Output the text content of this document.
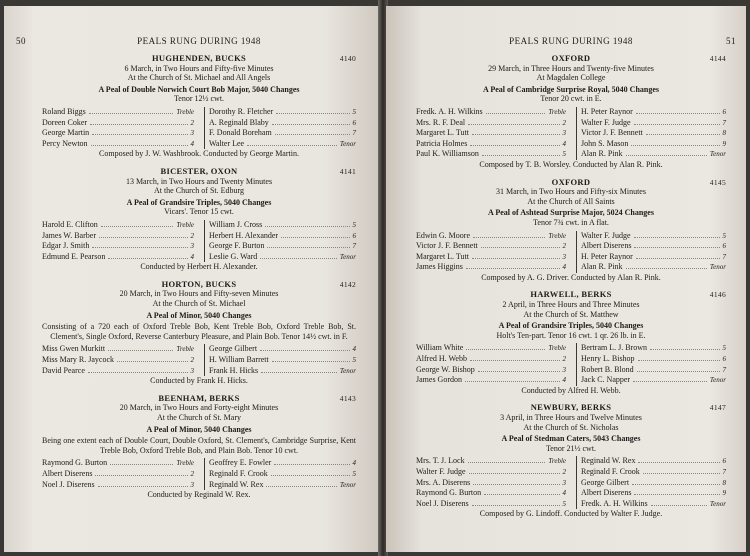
50	PEALS RUNG DURING 1948
HUGHENDEN, BUCKS	4140
6 March, in Two Hours and Fifty-five Minutes
At the Church of St. Michael and All Angels
A Peal of Double Norwich Court Bob Major, 5040 Changes
Tenor 12½ cwt.
Roland Biggs	Treble
Doreen Coker	2
George Martin	3
Percy Newton	4
Dorothy R. Fletcher	5
A. Reginald Blaby	6
F. Donald Boreham	7
Walter Lee	Tenor
Composed by J. W. Washbrook. Conducted by George Martin.
BICESTER, OXON	4141
13 March, in Two Hours and Twenty Minutes
At the Church of St. Edburg
A Peal of Grandsire Triples, 5040 Changes
Vicars'. Tenor 15 cwt.
Harold E. Clifton	Treble
James W. Barber	2
Edgar J. Smith	3
Edmund E. Pearson	4
William J. Cross	5
Herbert H. Alexander	6
George F. Burton	7
Leslie G. Ward	Tenor
Conducted by Herbert H. Alexander.
HORTON, BUCKS	4142
20 March, in Two Hours and Fifty-seven Minutes
At the Church of St. Michael
A Peal of Minor, 5040 Changes
Consisting of a 720 each of Oxford Treble Bob, Kent Treble Bob, Oxford Treble Bob, St. Clement's, Single Oxford, Reverse Canterbury Pleasure, and Plain Bob. Tenor 14½ cwt. in F.
Miss Gwen Murkitt	Treble
Miss Mary R. Jaycock	2
David Pearce	3
George Gilbert	4
H. William Barrett	5
Frank H. Hicks	Tenor
Conducted by Frank H. Hicks.
BEENHAM, BERKS	4143
20 March, in Two Hours and Forty-eight Minutes
At the Church of St. Mary
A Peal of Minor, 5040 Changes
Being one extent each of Double Court, Double Oxford, St. Clement's, Cambridge Surprise, Kent Treble Bob, Oxford Treble Bob, and Plain Bob. Tenor 10 cwt.
Raymond G. Burton	Treble
Albert Diserens	2
Noel J. Diserens	3
Geoffrey E. Fowler	4
Reginald F. Crook	5
Reginald W. Rex	Tenor
Conducted by Reginald W. Rex.
PEALS RUNG DURING 1948	51
OXFORD	4144
29 March, in Three Hours and Twenty-five Minutes
At Magdalen College
A Peal of Cambridge Surprise Royal, 5040 Changes
Tenor 20 cwt. in E.
Fredk. A. H. Wilkins	Treble
Mrs. R. F. Deal	2
Margaret L. Tutt	3
Patricia Holmes	4
Paul K. Williamson	5
H. Peter Raynor	6
Walter F. Judge	7
Victor J. F. Bennett	8
John S. Mason	9
Alan R. Pink	Tenor
Composed by T. B. Worsley. Conducted by Alan R. Pink.
OXFORD	4145
31 March, in Two Hours and Fifty-six Minutes
At the Church of All Saints
A Peal of Ashtead Surprise Major, 5024 Changes
Tenor 7¾ cwt. in A flat.
Edwin G. Moore	Treble
Victor J. F. Bennett	2
Margaret L. Tutt	3
James Higgins	4
Walter F. Judge	5
Albert Diserens	6
H. Peter Raynor	7
Alan R. Pink	Tenor
Composed by A. G. Driver. Conducted by Alan R. Pink.
HARWELL, BERKS	4146
2 April, in Three Hours and Three Minutes
At the Church of St. Matthew
A Peal of Grandsire Triples, 5040 Changes
Holt's Ten-part. Tenor 16 cwt. 1 qr. 26 lb. in E.
William White	Treble
Alfred H. Webb	2
George W. Bishop	3
James Gordon	4
Bertram L. J. Brown	5
Henry L. Bishop	6
Robert B. Blond	7
Jack C. Napper	Tenor
Conducted by Alfred H. Webb.
NEWBURY, BERKS	4147
3 April, in Three Hours and Twelve Minutes
At the Church of St. Nicholas
A Peal of Stedman Caters, 5043 Changes
Tenor 21½ cwt.
Mrs. T. J. Lock	Treble
Walter F. Judge	2
Mrs. A. Diserens	3
Raymond G. Burton	4
Noel J. Diserens	5
Reginald W. Rex	6
Reginald F. Crook	7
George Gilbert	8
Albert Diserens	9
Fredk. A. H. Wilkins	Tenor
Composed by G. Lindoff. Conducted by Walter F. Judge.
